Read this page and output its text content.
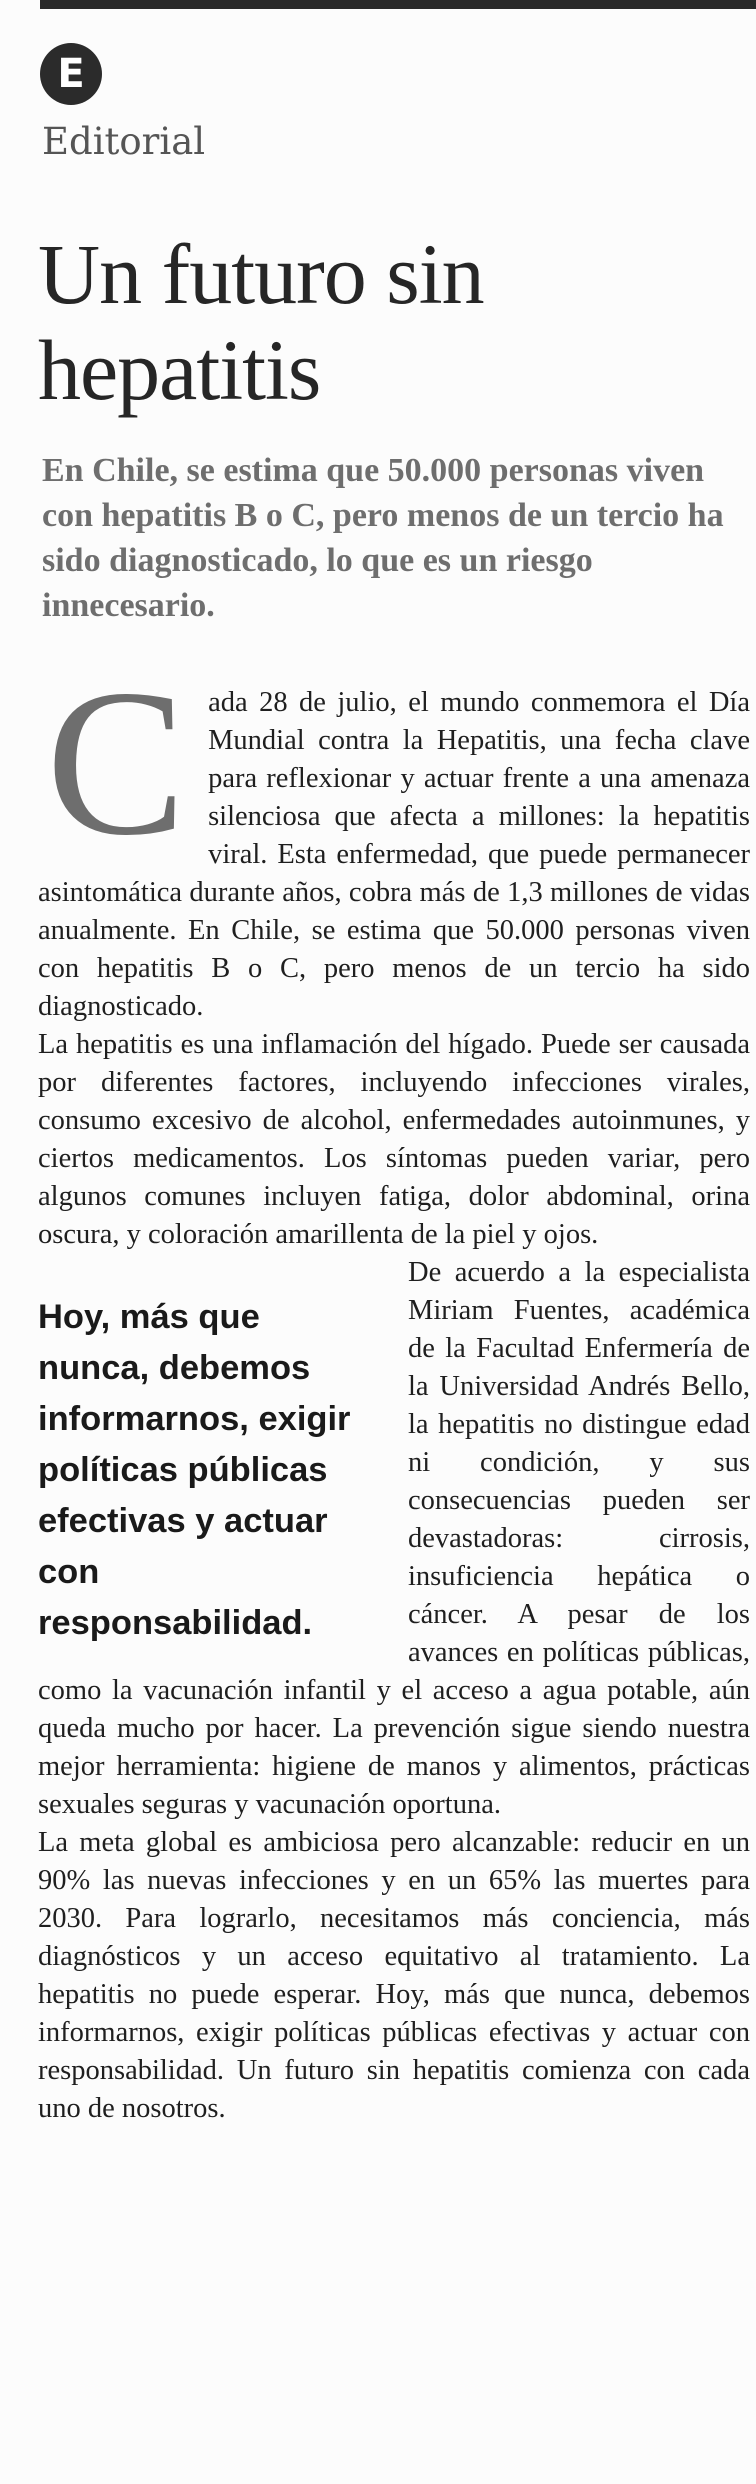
E
Editorial
Un futuro sin hepatitis
En Chile, se estima que 50.000 personas viven con hepatitis B o C, pero menos de un tercio ha sido diagnosticado, lo que es un riesgo innecesario.

Cada 28 de julio, el mundo conmemora el Día Mundial contra la Hepatitis, una fecha clave para reflexionar y actuar frente a una amenaza silenciosa que afecta a millones: la hepatitis viral. Esta enfermedad, que puede permanecer asintomática durante años, cobra más de 1,3 millones de vidas anualmente. En Chile, se estima que 50.000 personas viven con hepatitis B o C, pero menos de un tercio ha sido diagnosticado.

La hepatitis es una inflamación del hígado. Puede ser causada por diferentes factores, incluyendo infecciones virales, consumo excesivo de alcohol, enfermedades autoinmunes, y ciertos medicamentos. Los síntomas pueden variar, pero algunos comunes incluyen fatiga, dolor abdominal, orina oscura, y coloración amarillenta de la piel y ojos.

Hoy, más que nunca, debemos informarnos, exigir políticas públicas efectivas y actuar con responsabilidad.

De acuerdo a la especialista Miriam Fuentes, académica de la Facultad Enfermería de la Universidad Andrés Bello, la hepatitis no distingue edad ni condición, y sus consecuencias pueden ser devastadoras: cirrosis, insuficiencia hepática o cáncer. A pesar de los avances en políticas públicas, como la vacunación infantil y el acceso a agua potable, aún queda mucho por hacer. La prevención sigue siendo nuestra mejor herramienta: higiene de manos y alimentos, prácticas sexuales seguras y vacunación oportuna.

La meta global es ambiciosa pero alcanzable: reducir en un 90% las nuevas infecciones y en un 65% las muertes para 2030. Para lograrlo, necesitamos más conciencia, más diagnósticos y un acceso equitativo al tratamiento. La hepatitis no puede esperar. Hoy, más que nunca, debemos informarnos, exigir políticas públicas efectivas y actuar con responsabilidad. Un futuro sin hepatitis comienza con cada uno de nosotros.
